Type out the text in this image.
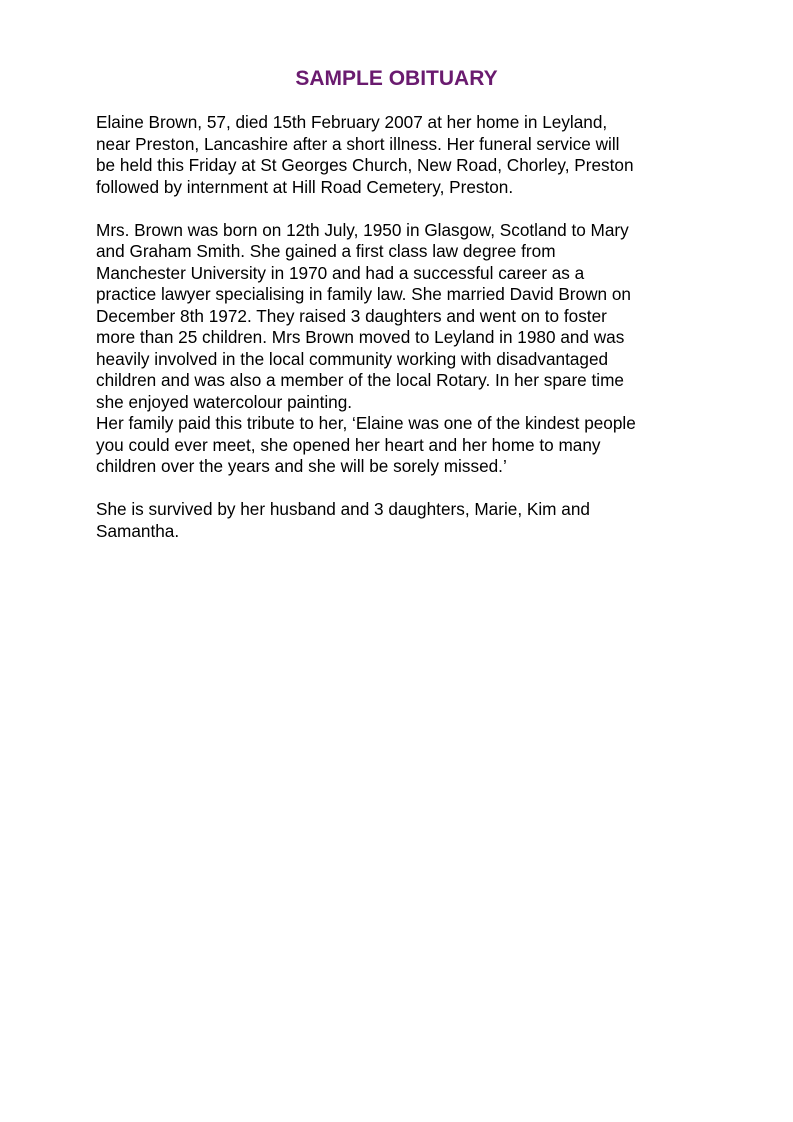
SAMPLE OBITUARY
Elaine Brown, 57, died 15th February 2007 at her home in Leyland,
near Preston, Lancashire after a short illness. Her funeral service will
be held this Friday at St Georges Church, New Road, Chorley, Preston
followed by internment at Hill Road Cemetery, Preston.
Mrs. Brown was born on 12th July, 1950 in Glasgow, Scotland to Mary
and Graham Smith. She gained a first class law degree from
Manchester University in 1970 and had a successful career as a
practice lawyer specialising in family law. She married David Brown on
December 8th 1972. They raised 3 daughters and went on to foster
more than 25 children. Mrs Brown moved to Leyland in 1980 and was
heavily involved in the local community working with disadvantaged
children and was also a member of the local Rotary. In her spare time
she enjoyed watercolour painting.
Her family paid this tribute to her, ‘Elaine was one of the kindest people
you could ever meet, she opened her heart and her home to many
children over the years and she will be sorely missed.’
She is survived by her husband and 3 daughters, Marie, Kim and
Samantha.
